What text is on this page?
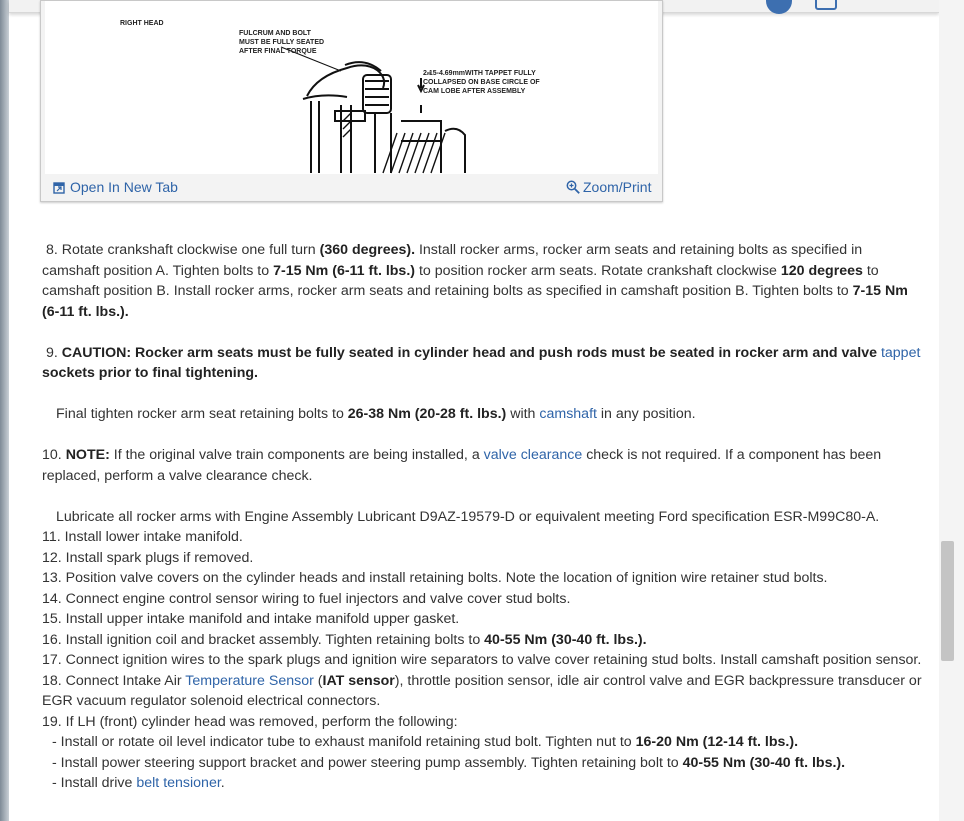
RIGHT HEAD
FULCRUM AND BOLT
MUST BE FULLY SEATED
AFTER FINAL TORQUE
2.15-4.69mmWITH TAPPET FULLY
COLLAPSED ON BASE CIRCLE OF
CAM LOBE AFTER ASSEMBLY
Open In New Tab	Zoom/Print

8. Rotate crankshaft clockwise one full turn (360 degrees). Install rocker arms, rocker arm seats and retaining bolts as specified in camshaft position A. Tighten bolts to 7-15 Nm (6-11 ft. lbs.) to position rocker arm seats. Rotate crankshaft clockwise 120 degrees to camshaft position B. Install rocker arms, rocker arm seats and retaining bolts as specified in camshaft position B. Tighten bolts to 7-15 Nm (6-11 ft. lbs.).

9. CAUTION: Rocker arm seats must be fully seated in cylinder head and push rods must be seated in rocker arm and valve tappet sockets prior to final tightening.

Final tighten rocker arm seat retaining bolts to 26-38 Nm (20-28 ft. lbs.) with camshaft in any position.

10. NOTE: If the original valve train components are being installed, a valve clearance check is not required. If a component has been replaced, perform a valve clearance check.

Lubricate all rocker arms with Engine Assembly Lubricant D9AZ-19579-D or equivalent meeting Ford specification ESR-M99C80-A.

11. Install lower intake manifold.

12. Install spark plugs if removed.

13. Position valve covers on the cylinder heads and install retaining bolts. Note the location of ignition wire retainer stud bolts.

14. Connect engine control sensor wiring to fuel injectors and valve cover stud bolts.

15. Install upper intake manifold and intake manifold upper gasket.

16. Install ignition coil and bracket assembly. Tighten retaining bolts to 40-55 Nm (30-40 ft. lbs.).

17. Connect ignition wires to the spark plugs and ignition wire separators to valve cover retaining stud bolts. Install camshaft position sensor.

18. Connect Intake Air Temperature Sensor (IAT sensor), throttle position sensor, idle air control valve and EGR backpressure transducer or EGR vacuum regulator solenoid electrical connectors.

19. If LH (front) cylinder head was removed, perform the following:

- Install or rotate oil level indicator tube to exhaust manifold retaining stud bolt. Tighten nut to 16-20 Nm (12-14 ft. lbs.).

- Install power steering support bracket and power steering pump assembly. Tighten retaining bolt to 40-55 Nm (30-40 ft. lbs.).

- Install drive belt tensioner.
